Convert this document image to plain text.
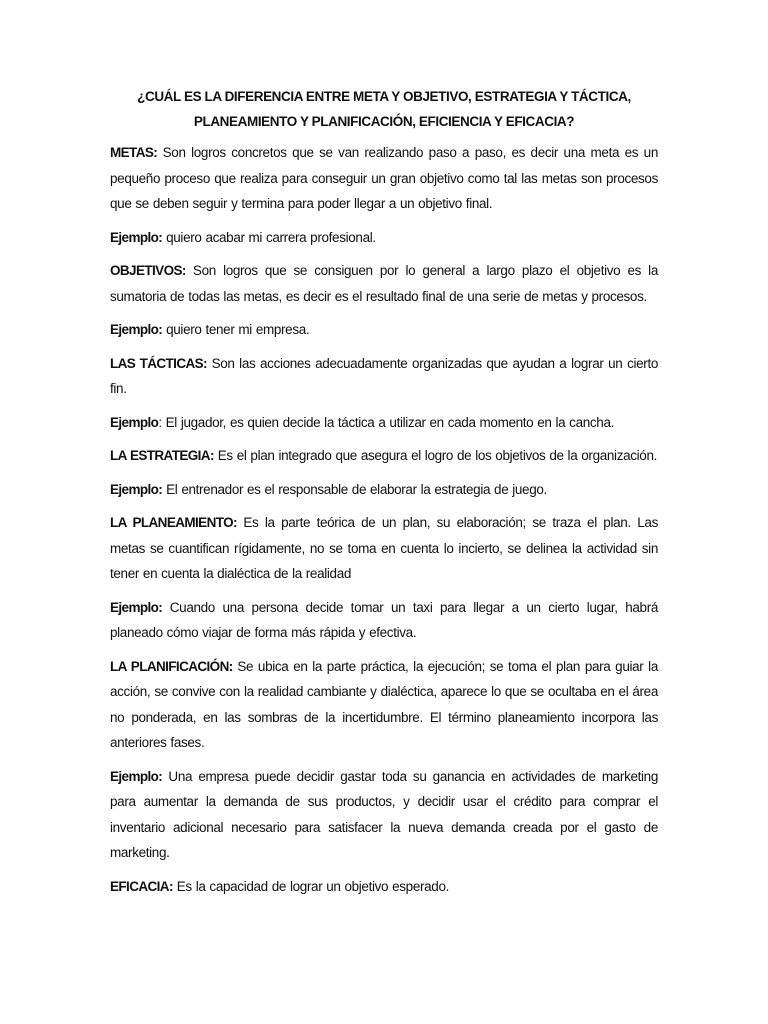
¿CUÁL ES LA DIFERENCIA ENTRE META Y OBJETIVO, ESTRATEGIA Y TÁCTICA, PLANEAMIENTO Y PLANIFICACIÓN, EFICIENCIA Y EFICACIA?

METAS: Son logros concretos que se van realizando paso a paso, es decir una meta es un pequeño proceso que realiza para conseguir un gran objetivo como tal las metas son procesos que se deben seguir y termina para poder llegar a un objetivo final.

Ejemplo: quiero acabar mi carrera profesional.

OBJETIVOS: Son logros que se consiguen por lo general a largo plazo el objetivo es la sumatoria de todas las metas, es decir es el resultado final de una serie de metas y procesos.

Ejemplo: quiero tener mi empresa.

LAS TÁCTICAS: Son las acciones adecuadamente organizadas que ayudan a lograr un cierto fin.

Ejemplo: El jugador, es quien decide la táctica a utilizar en cada momento en la cancha.

LA ESTRATEGIA: Es el plan integrado que asegura el logro de los objetivos de la organización.

Ejemplo: El entrenador es el responsable de elaborar la estrategia de juego.

LA PLANEAMIENTO: Es la parte teórica de un plan, su elaboración; se traza el plan. Las metas se cuantifican rígidamente, no se toma en cuenta lo incierto, se delinea la actividad sin tener en cuenta la dialéctica de la realidad

Ejemplo: Cuando una persona decide tomar un taxi para llegar a un cierto lugar, habrá planeado cómo viajar de forma más rápida y efectiva.

LA PLANIFICACIÓN: Se ubica en la parte práctica, la ejecución; se toma el plan para guiar la acción, se convive con la realidad cambiante y dialéctica, aparece lo que se ocultaba en el área no ponderada, en las sombras de la incertidumbre. El término planeamiento incorpora las anteriores fases.

Ejemplo: Una empresa puede decidir gastar toda su ganancia en actividades de marketing para aumentar la demanda de sus productos, y decidir usar el crédito para comprar el inventario adicional necesario para satisfacer la nueva demanda creada por el gasto de marketing.

EFICACIA: Es la capacidad de lograr un objetivo esperado.
